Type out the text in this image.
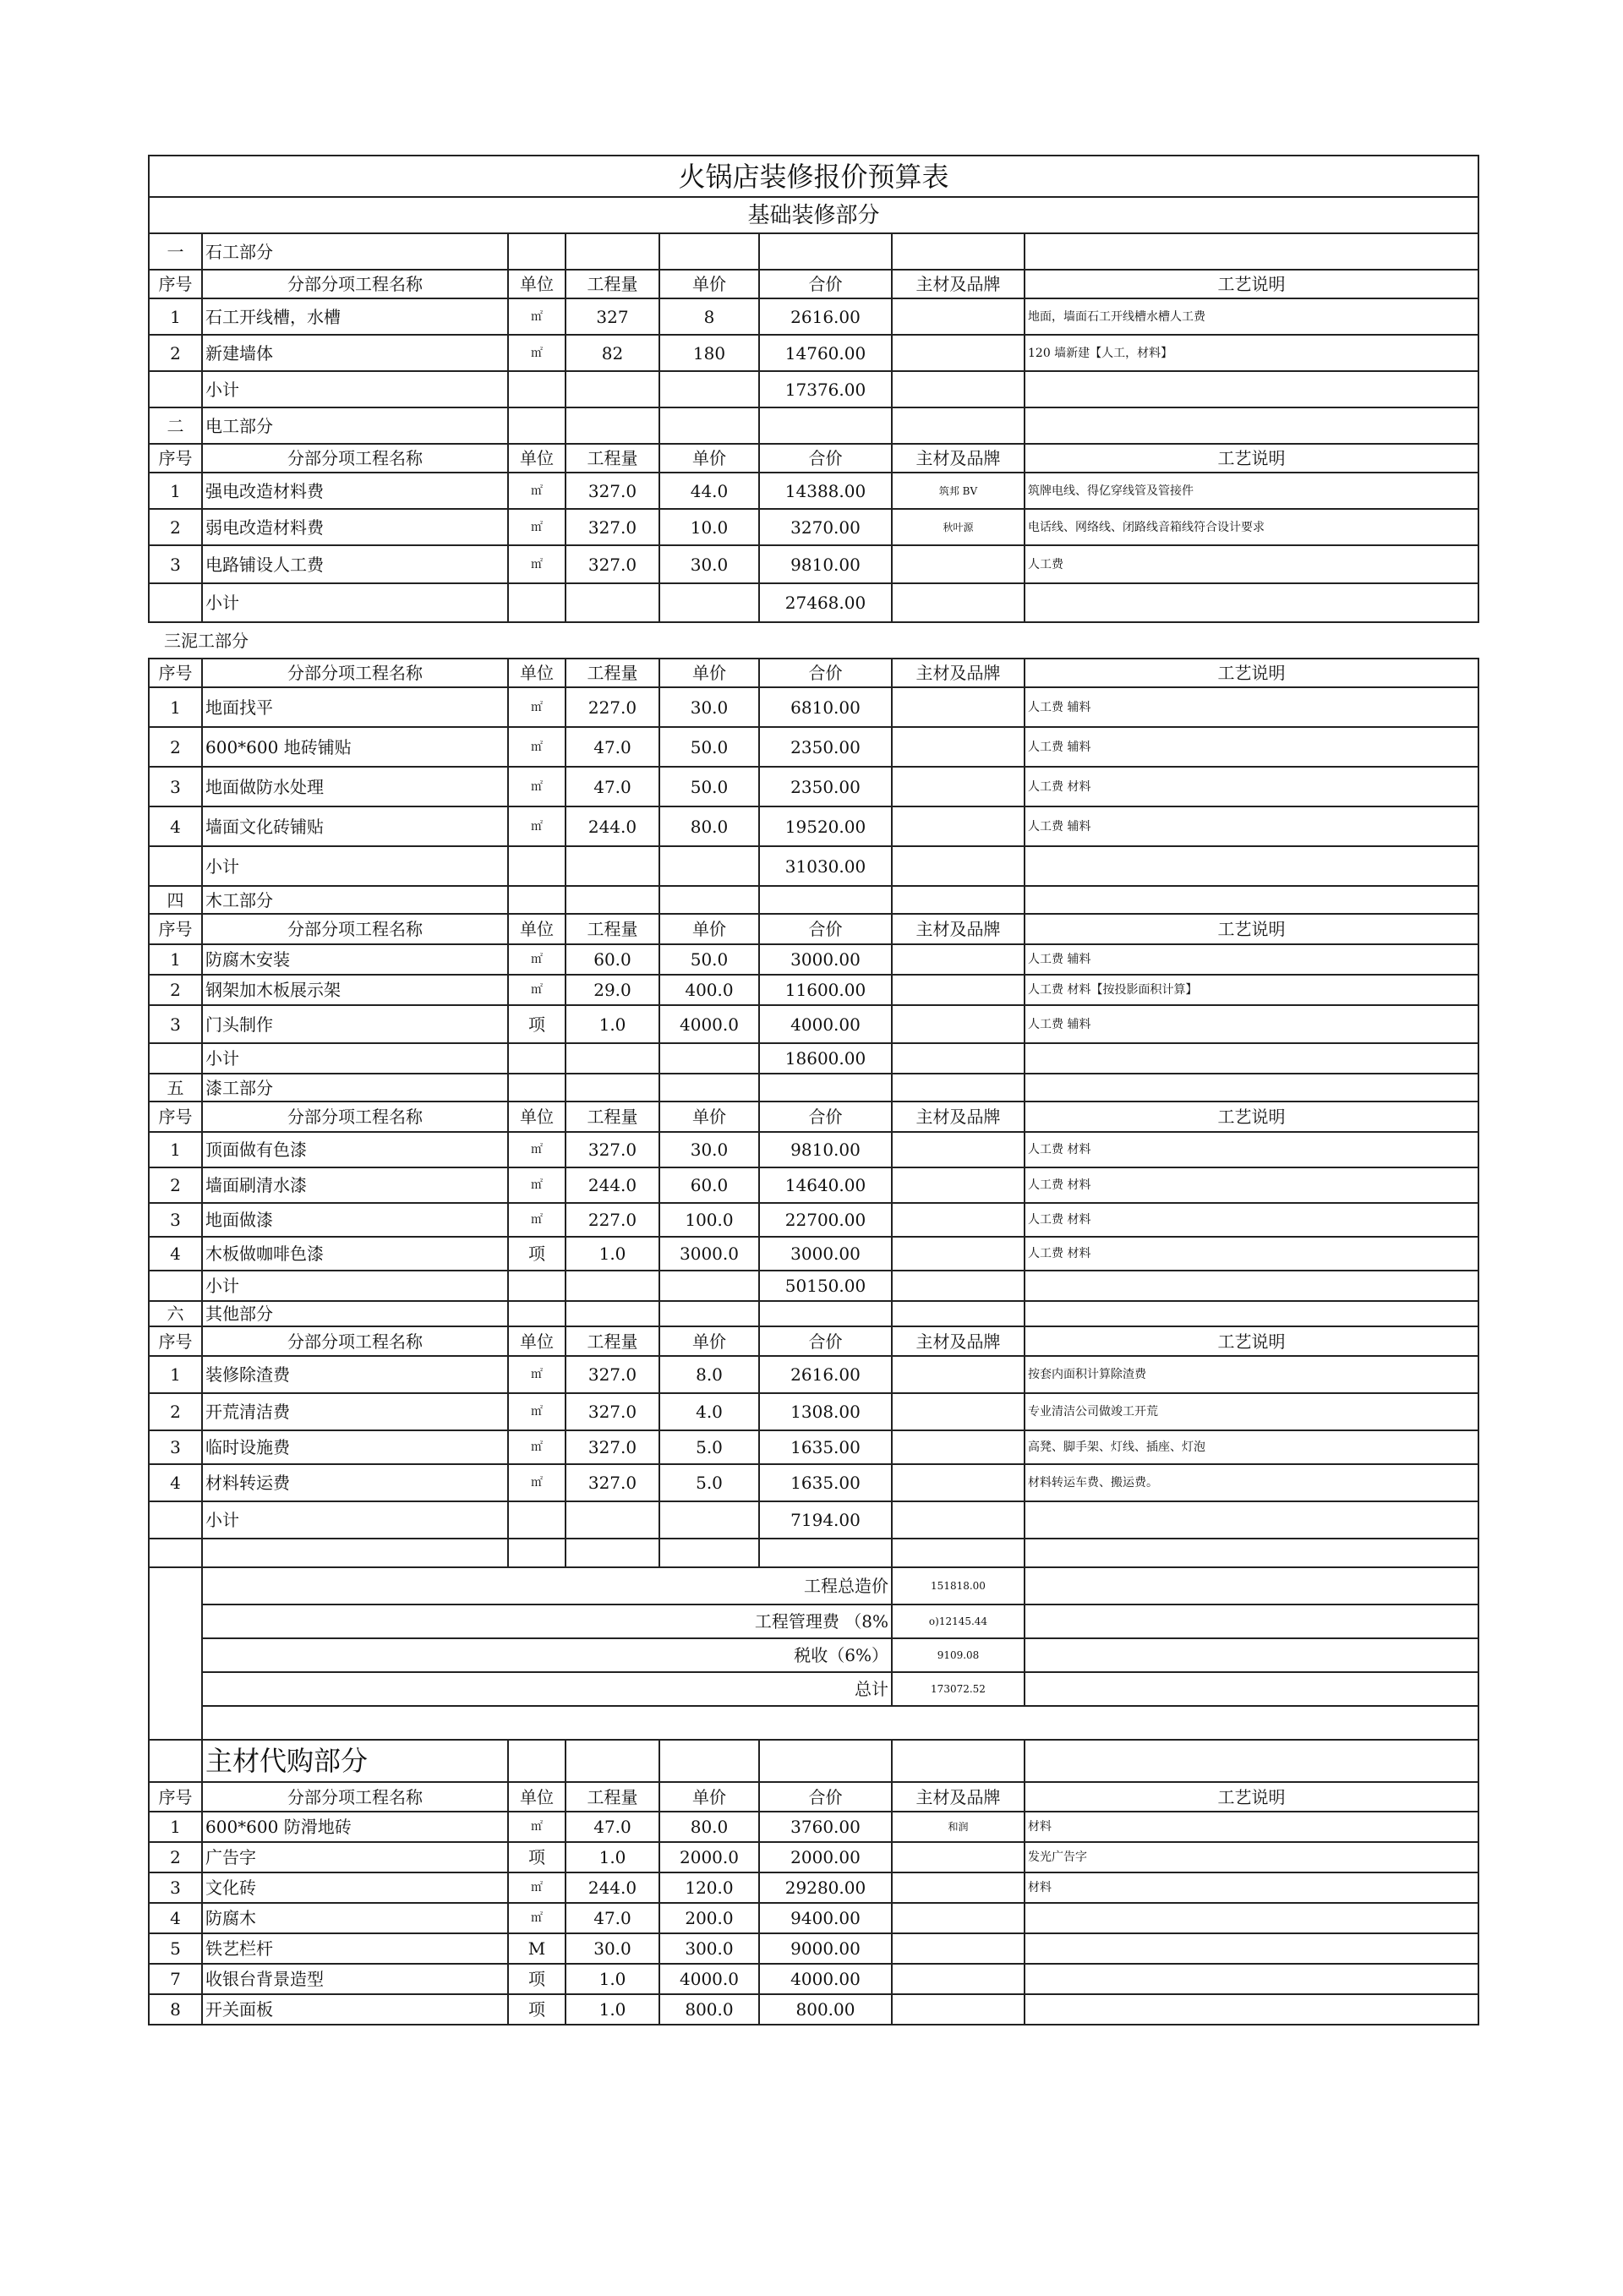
火锅店装修报价预算表							
基础装修部分							
一	石工部分						
序号	分部分项工程名称	单位	工程量	单价	合价	主材及品牌	工艺说明
1	石工开线槽，水槽	㎡	327	8	2616.00		地面，墙面石工开线槽水槽人工费
2	新建墙体	㎡	82	180	14760.00		120 墙新建【人工，材料】
	小计				17376.00		
二	电工部分						
序号	分部分项工程名称	单位	工程量	单价	合价	主材及品牌	工艺说明
1	强电改造材料费	㎡	327.0	44.0	14388.00	筑邦 BV	筑牌电线、得亿穿线管及管接件
2	弱电改造材料费	㎡	327.0	10.0	3270.00	秋叶源	电话线、网络线、闭路线音箱线符合设计要求
3	电路铺设人工费	㎡	327.0	30.0	9810.00		人工费
	小计				27468.00		
三泥工部分							
序号	分部分项工程名称	单位	工程量	单价	合价	主材及品牌	工艺说明
1	地面找平	㎡	227.0	30.0	6810.00		人工费 辅料
2	600*600 地砖铺贴	㎡	47.0	50.0	2350.00		人工费 辅料
3	地面做防水处理	㎡	47.0	50.0	2350.00		人工费 材料
4	墙面文化砖铺贴	㎡	244.0	80.0	19520.00		人工费 辅料
	小计				31030.00		
四	木工部分						
序号	分部分项工程名称	单位	工程量	单价	合价	主材及品牌	工艺说明
1	防腐木安装	㎡	60.0	50.0	3000.00		人工费 辅料
2	钢架加木板展示架	㎡	29.0	400.0	11600.00		人工费 材料【按投影面积计算】
3	门头制作	项	1.0	4000.0	4000.00		人工费 辅料
	小计				18600.00		
五	漆工部分						
序号	分部分项工程名称	单位	工程量	单价	合价	主材及品牌	工艺说明
1	顶面做有色漆	㎡	327.0	30.0	9810.00		人工费 材料
2	墙面刷清水漆	㎡	244.0	60.0	14640.00		人工费 材料
3	地面做漆	㎡	227.0	100.0	22700.00		人工费 材料
4	木板做咖啡色漆	项	1.0	3000.0	3000.00		人工费 材料
	小计				50150.00		
六	其他部分						
序号	分部分项工程名称	单位	工程量	单价	合价	主材及品牌	工艺说明
1	装修除渣费	㎡	327.0	8.0	2616.00		按套内面积计算除渣费
2	开荒清洁费	㎡	327.0	4.0	1308.00		专业清洁公司做竣工开荒
3	临时设施费	㎡	327.0	5.0	1635.00		高凳、脚手架、灯线、插座、灯泡
4	材料转运费	㎡	327.0	5.0	1635.00		材料转运车费、搬运费。
	小计				7194.00		

	工程总造价					151818.00	
	工程管理费 （8%					o)12145.44	
	税收（6%）					9109.08	
	总计					173072.52	

	主材代购部分						
序号	分部分项工程名称	单位	工程量	单价	合价	主材及品牌	工艺说明
1	600*600 防滑地砖	㎡	47.0	80.0	3760.00	和润	材料
2	广告字	项	1.0	2000.0	2000.00		发光广告字
3	文化砖	㎡	244.0	120.0	29280.00		材料
4	防腐木	㎡	47.0	200.0	9400.00		
5	铁艺栏杆	M	30.0	300.0	9000.00		
7	收银台背景造型	项	1.0	4000.0	4000.00		
8	开关面板	项	1.0	800.0	800.00		
